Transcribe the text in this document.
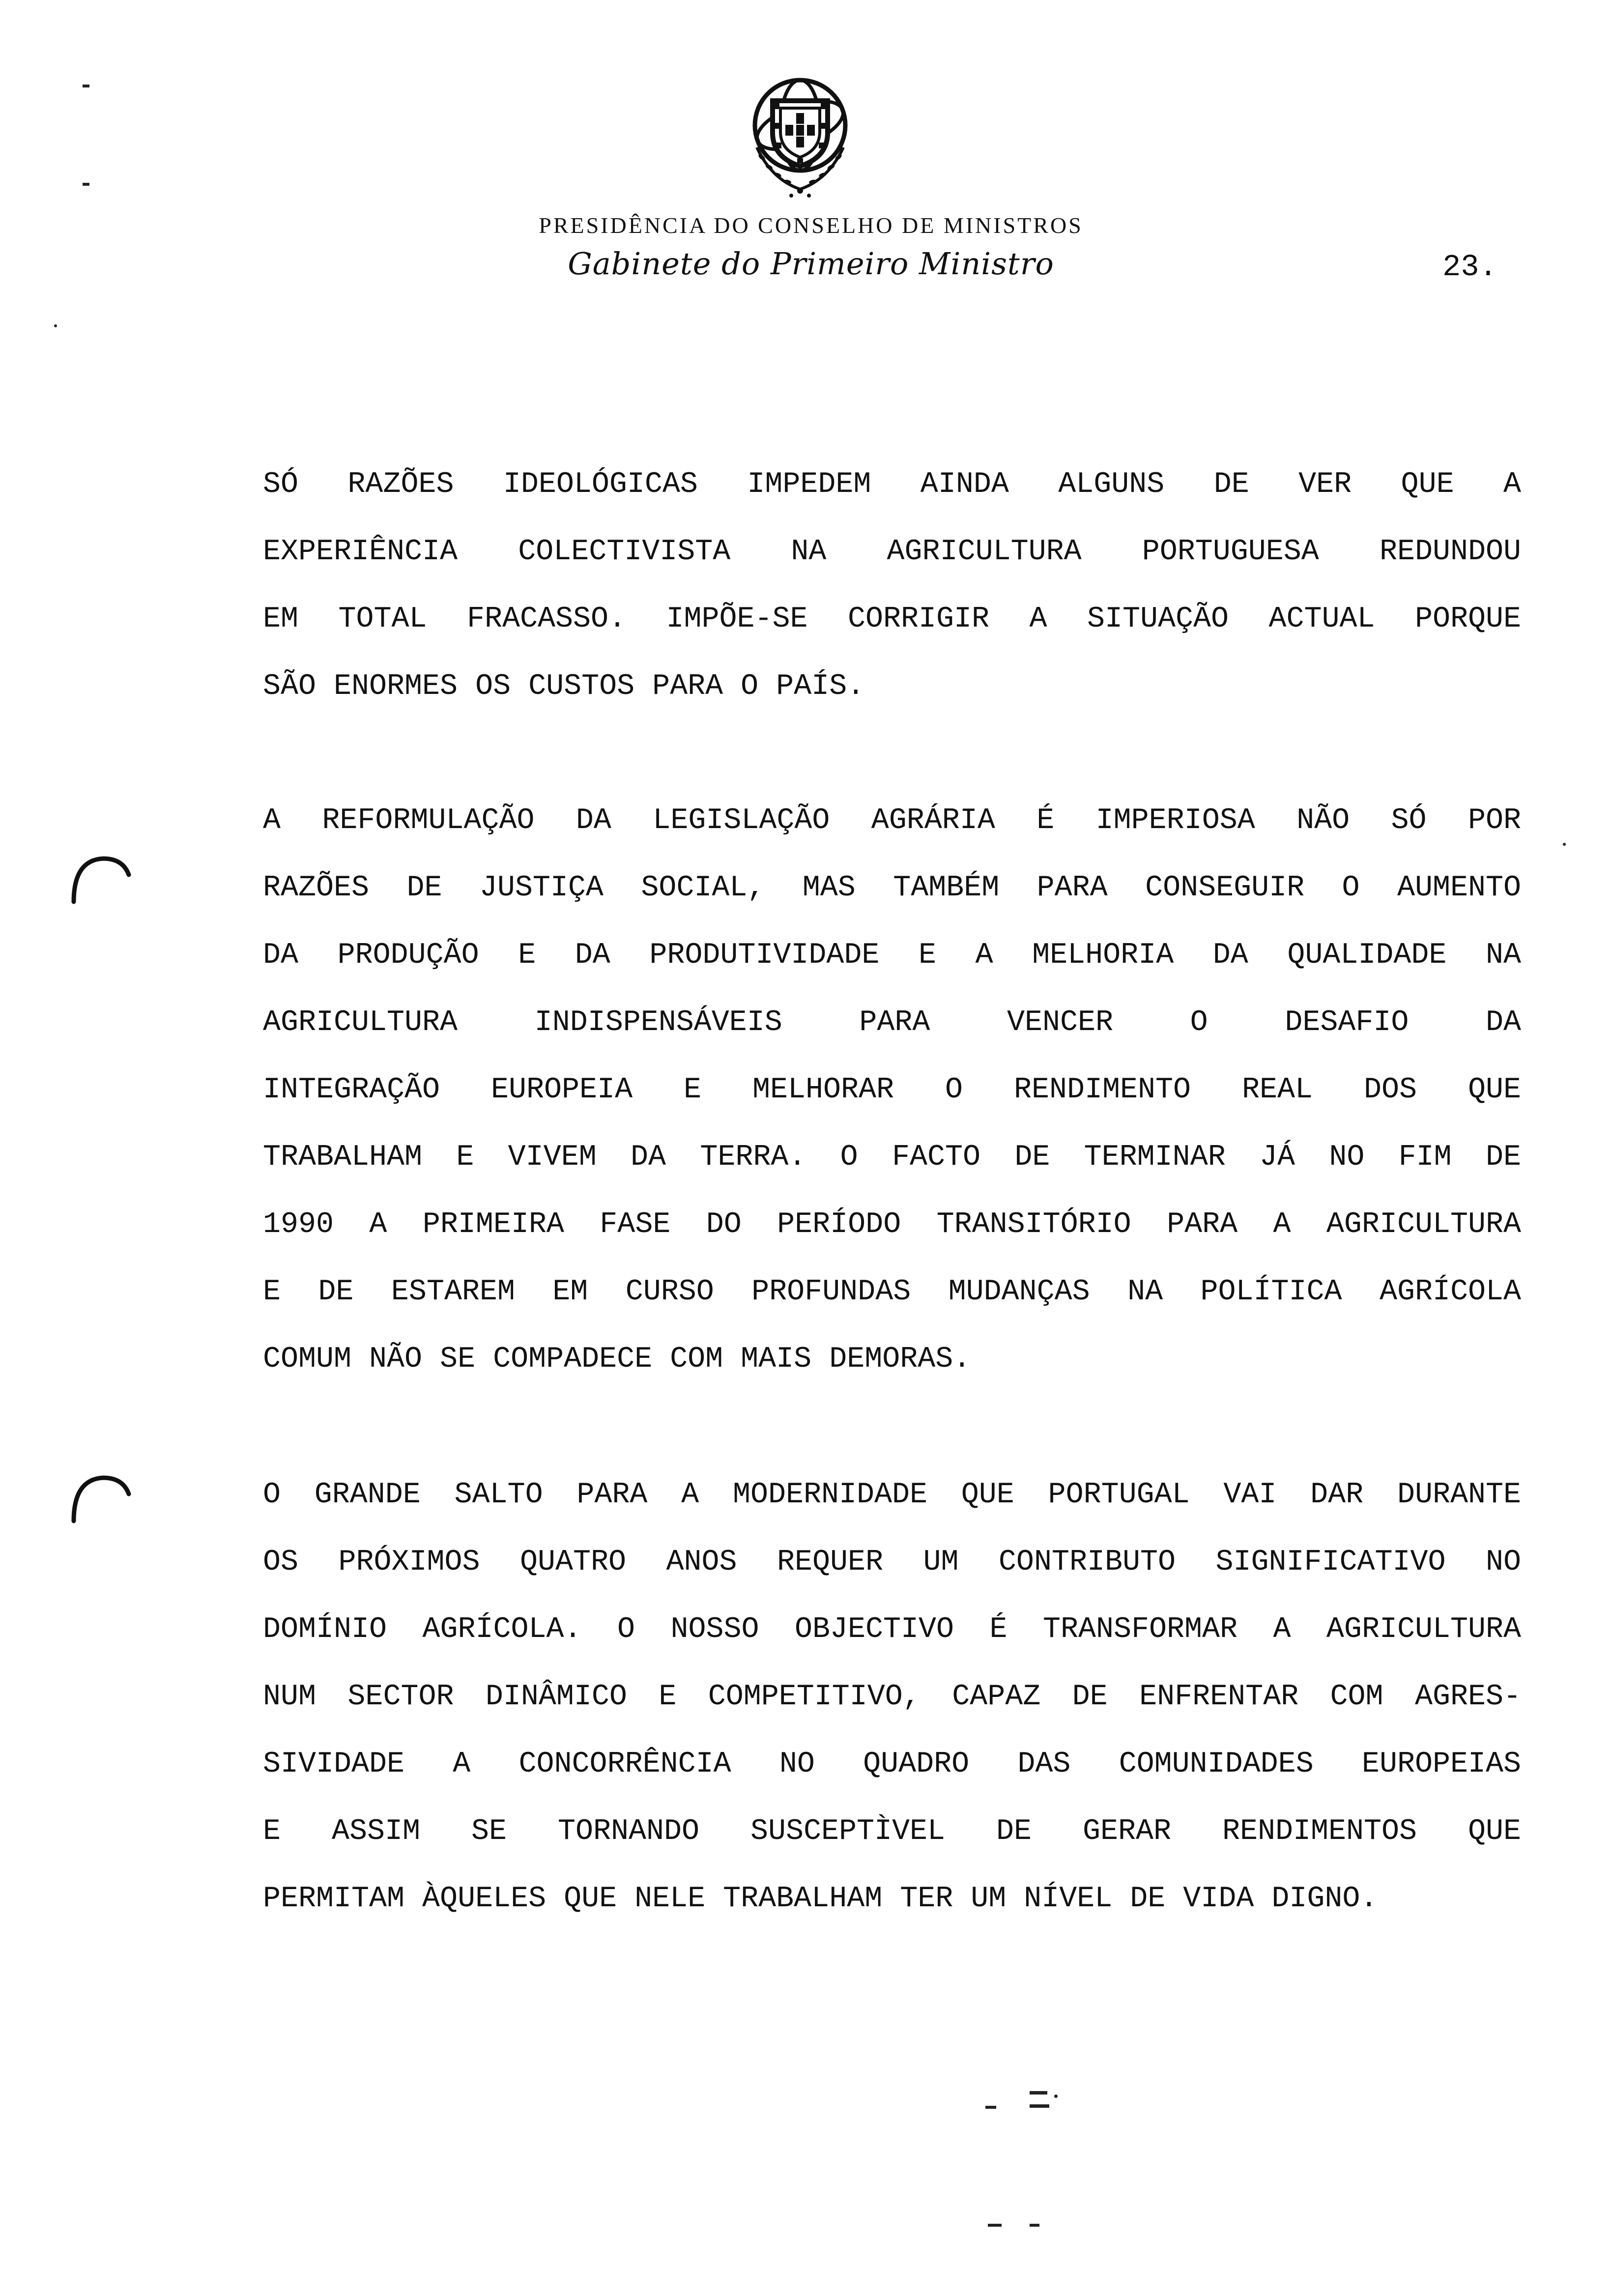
PRESIDÊNCIA DO CONSELHO DE MINISTROS
Gabinete do Primeiro Ministro	23.
SÓ RAZÕES IDEOLÓGICAS IMPEDEM AINDA ALGUNS DE VER QUE A
EXPERIÊNCIA COLECTIVISTA NA AGRICULTURA PORTUGUESA REDUNDOU
EM TOTAL FRACASSO. IMPÕE-SE CORRIGIR A SITUAÇÃO ACTUAL PORQUE
SÃO ENORMES OS CUSTOS PARA O PAÍS.
A REFORMULAÇÃO DA LEGISLAÇÃO AGRÁRIA É IMPERIOSA NÃO SÓ POR
RAZÕES DE JUSTIÇA SOCIAL, MAS TAMBÉM PARA CONSEGUIR O AUMENTO
DA PRODUÇÃO E DA PRODUTIVIDADE E A MELHORIA DA QUALIDADE NA
AGRICULTURA INDISPENSÁVEIS PARA VENCER O DESAFIO DA
INTEGRAÇÃO EUROPEIA E MELHORAR O RENDIMENTO REAL DOS QUE
TRABALHAM E VIVEM DA TERRA. O FACTO DE TERMINAR JÁ NO FIM DE
1990 A PRIMEIRA FASE DO PERÍODO TRANSITÓRIO PARA A AGRICULTURA
E DE ESTAREM EM CURSO PROFUNDAS MUDANÇAS NA POLÍTICA AGRÍCOLA
COMUM NÃO SE COMPADECE COM MAIS DEMORAS.
O GRANDE SALTO PARA A MODERNIDADE QUE PORTUGAL VAI DAR DURANTE
OS PRÓXIMOS QUATRO ANOS REQUER UM CONTRIBUTO SIGNIFICATIVO NO
DOMÍNIO AGRÍCOLA. O NOSSO OBJECTIVO É TRANSFORMAR A AGRICULTURA
NUM SECTOR DINÂMICO E COMPETITIVO, CAPAZ DE ENFRENTAR COM AGRES-
SIVIDADE A CONCORRÊNCIA NO QUADRO DAS COMUNIDADES EUROPEIAS
E ASSIM SE TORNANDO SUSCEPTÌVEL DE GERAR RENDIMENTOS QUE
PERMITAM ÀQUELES QUE NELE TRABALHAM TER UM NÍVEL DE VIDA DIGNO.
